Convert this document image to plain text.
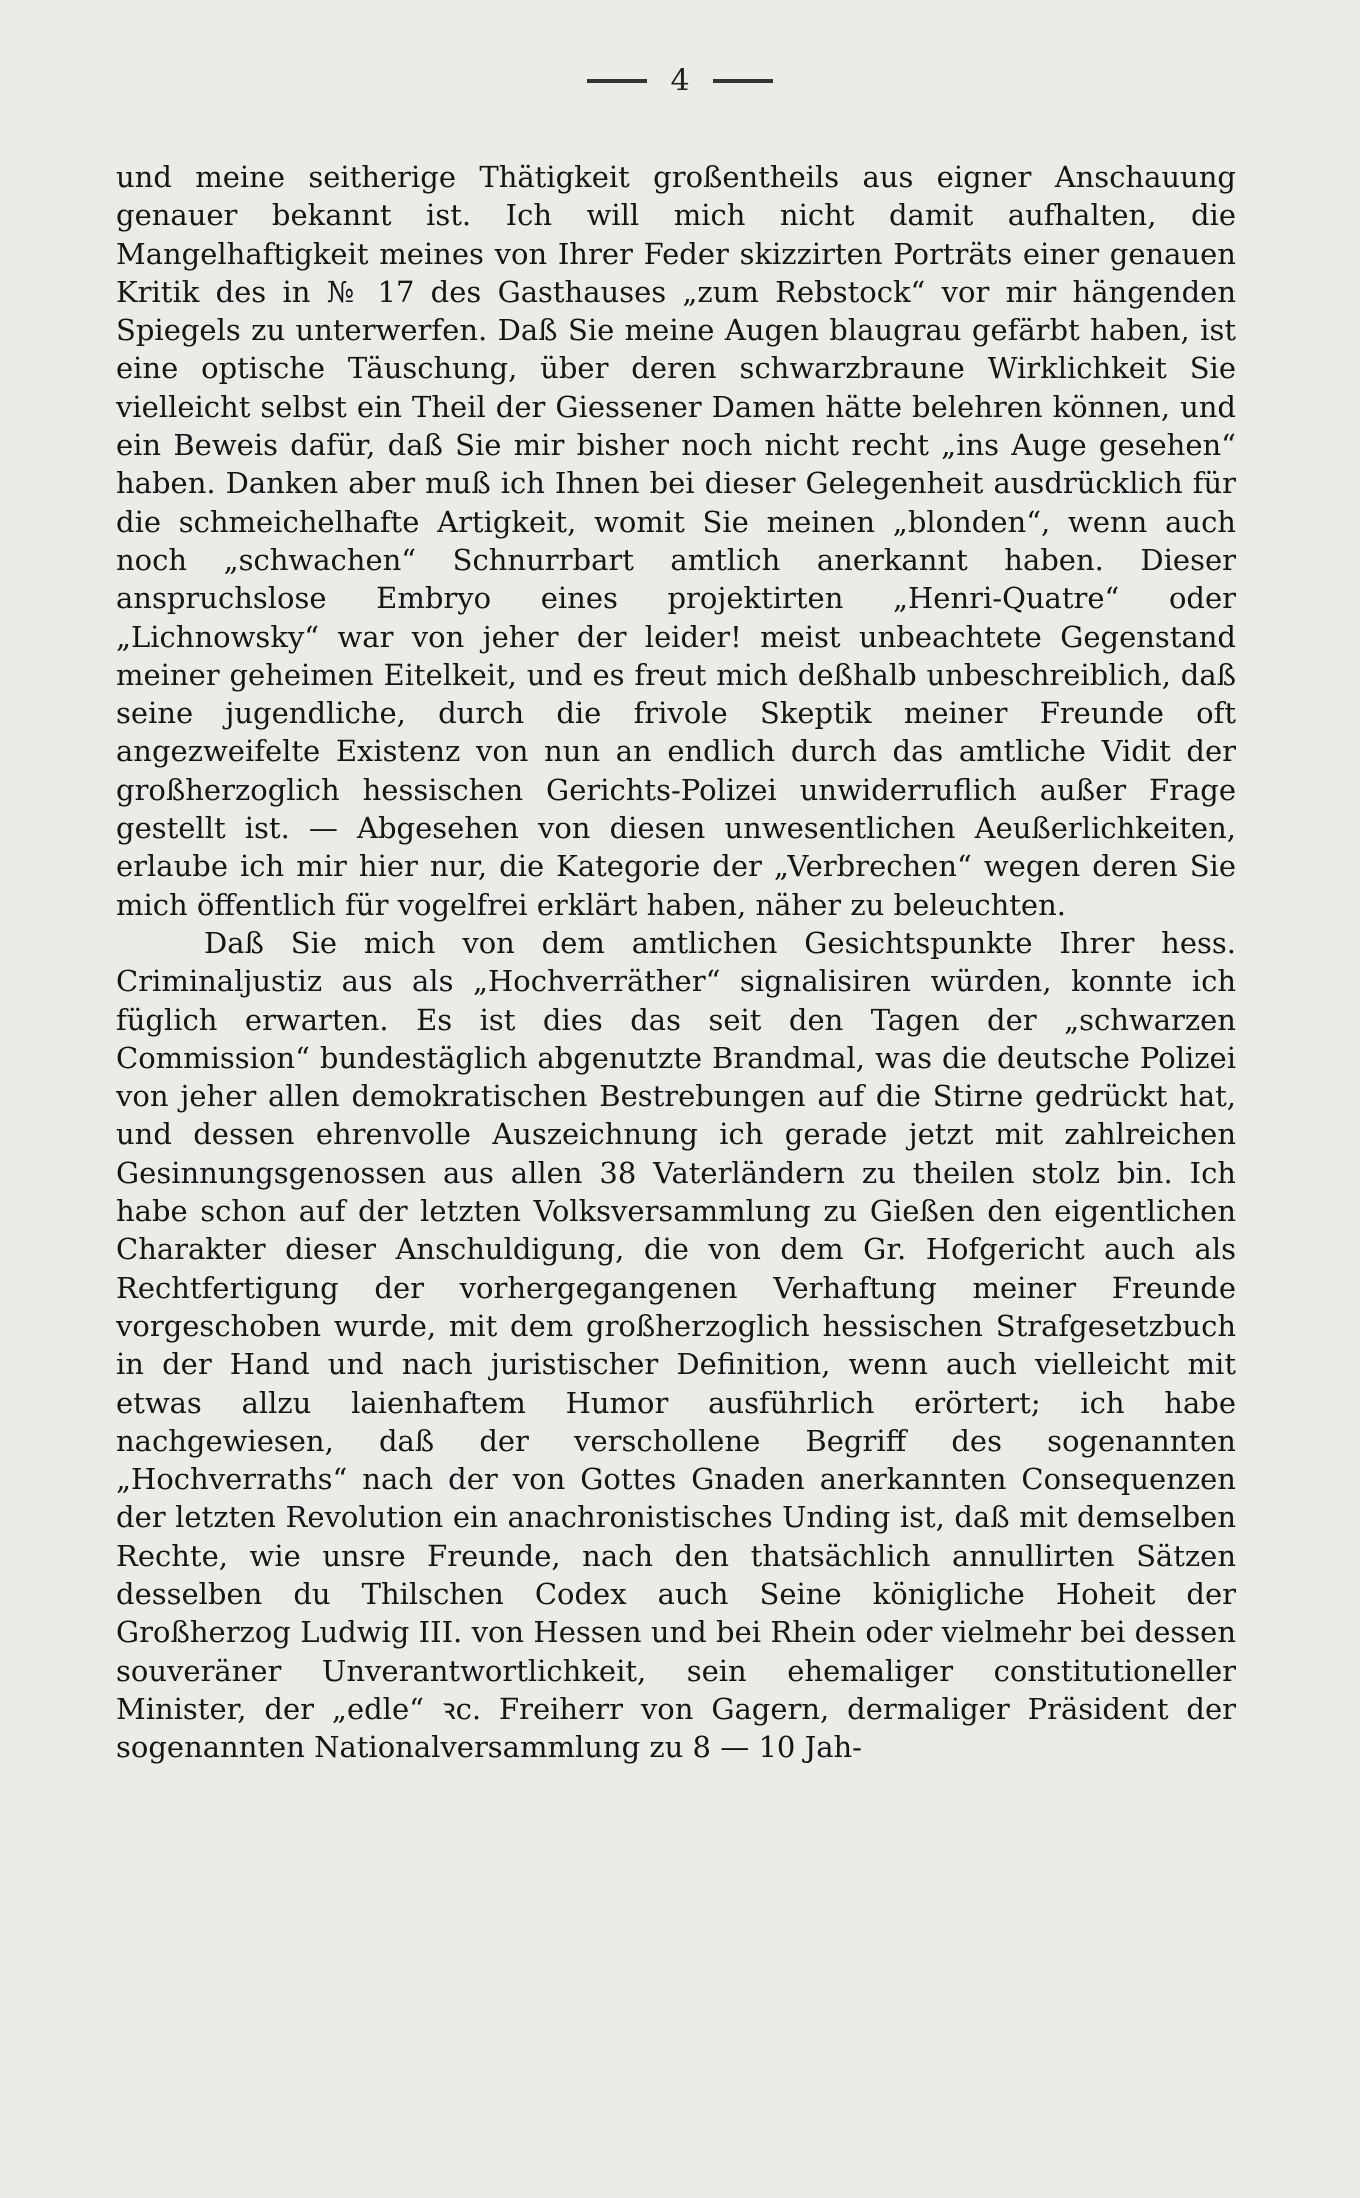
4

und meine seitherige Thätigkeit großentheils aus eigner Anschauung genauer bekannt ist. Ich will mich nicht damit aufhalten, die Mangelhaftigkeit meines von Ihrer Feder skizzirten Porträts einer genauen Kritik des in № 17 des Gasthauses „zum Rebstock“ vor mir hängenden Spiegels zu unterwerfen. Daß Sie meine Augen blaugrau gefärbt haben, ist eine optische Täuschung, über deren schwarzbraune Wirklichkeit Sie vielleicht selbst ein Theil der Giessener Damen hätte belehren können, und ein Beweis dafür, daß Sie mir bisher noch nicht recht „ins Auge gesehen“ haben. Danken aber muß ich Ihnen bei dieser Gelegenheit ausdrücklich für die schmeichelhafte Artigkeit, womit Sie meinen „blonden“, wenn auch noch „schwachen“ Schnurrbart amtlich anerkannt haben. Dieser anspruchslose Embryo eines projektirten „Henri-Quatre“ oder „Lichnowsky“ war von jeher der leider! meist unbeachtete Gegenstand meiner geheimen Eitelkeit, und es freut mich deßhalb unbeschreiblich, daß seine jugendliche, durch die frivole Skeptik meiner Freunde oft angezweifelte Existenz von nun an endlich durch das amtliche Vidit der großherzoglich hessischen Gerichts-Polizei unwiderruflich außer Frage gestellt ist. — Abgesehen von diesen unwesentlichen Aeußerlichkeiten, erlaube ich mir hier nur, die Kategorie der „Verbrechen“ wegen deren Sie mich öffentlich für vogelfrei erklärt haben, näher zu beleuchten.

Daß Sie mich von dem amtlichen Gesichtspunkte Ihrer hess. Criminaljustiz aus als „Hochverräther“ signalisiren würden, konnte ich füglich erwarten. Es ist dies das seit den Tagen der „schwarzen Commission“ bundestäglich abgenutzte Brandmal, was die deutsche Polizei von jeher allen demokratischen Bestrebungen auf die Stirne gedrückt hat, und dessen ehrenvolle Auszeichnung ich gerade jetzt mit zahlreichen Gesinnungsgenossen aus allen 38 Vaterländern zu theilen stolz bin. Ich habe schon auf der letzten Volksversammlung zu Gießen den eigentlichen Charakter dieser Anschuldigung, die von dem Gr. Hofgericht auch als Rechtfertigung der vorhergegangenen Verhaftung meiner Freunde vorgeschoben wurde, mit dem großherzoglich hessischen Strafgesetzbuch in der Hand und nach juristischer Definition, wenn auch vielleicht mit etwas allzu laienhaftem Humor ausführlich erörtert; ich habe nachgewiesen, daß der verschollene Begriff des sogenannten „Hochverraths“ nach der von Gottes Gnaden anerkannten Consequenzen der letzten Revolution ein anachronistisches Unding ist, daß mit demselben Rechte, wie unsre Freunde, nach den thatsächlich annullirten Sätzen desselben du Thilschen Codex auch Seine königliche Hoheit der Großherzog Ludwig III. von Hessen und bei Rhein oder vielmehr bei dessen souveräner Unverantwortlichkeit, sein ehemaliger constitutioneller Minister, der „edle“ ꝛc. Freiherr von Gagern, dermaliger Präsident der sogenannten Nationalversammlung zu 8 — 10 Jah-
